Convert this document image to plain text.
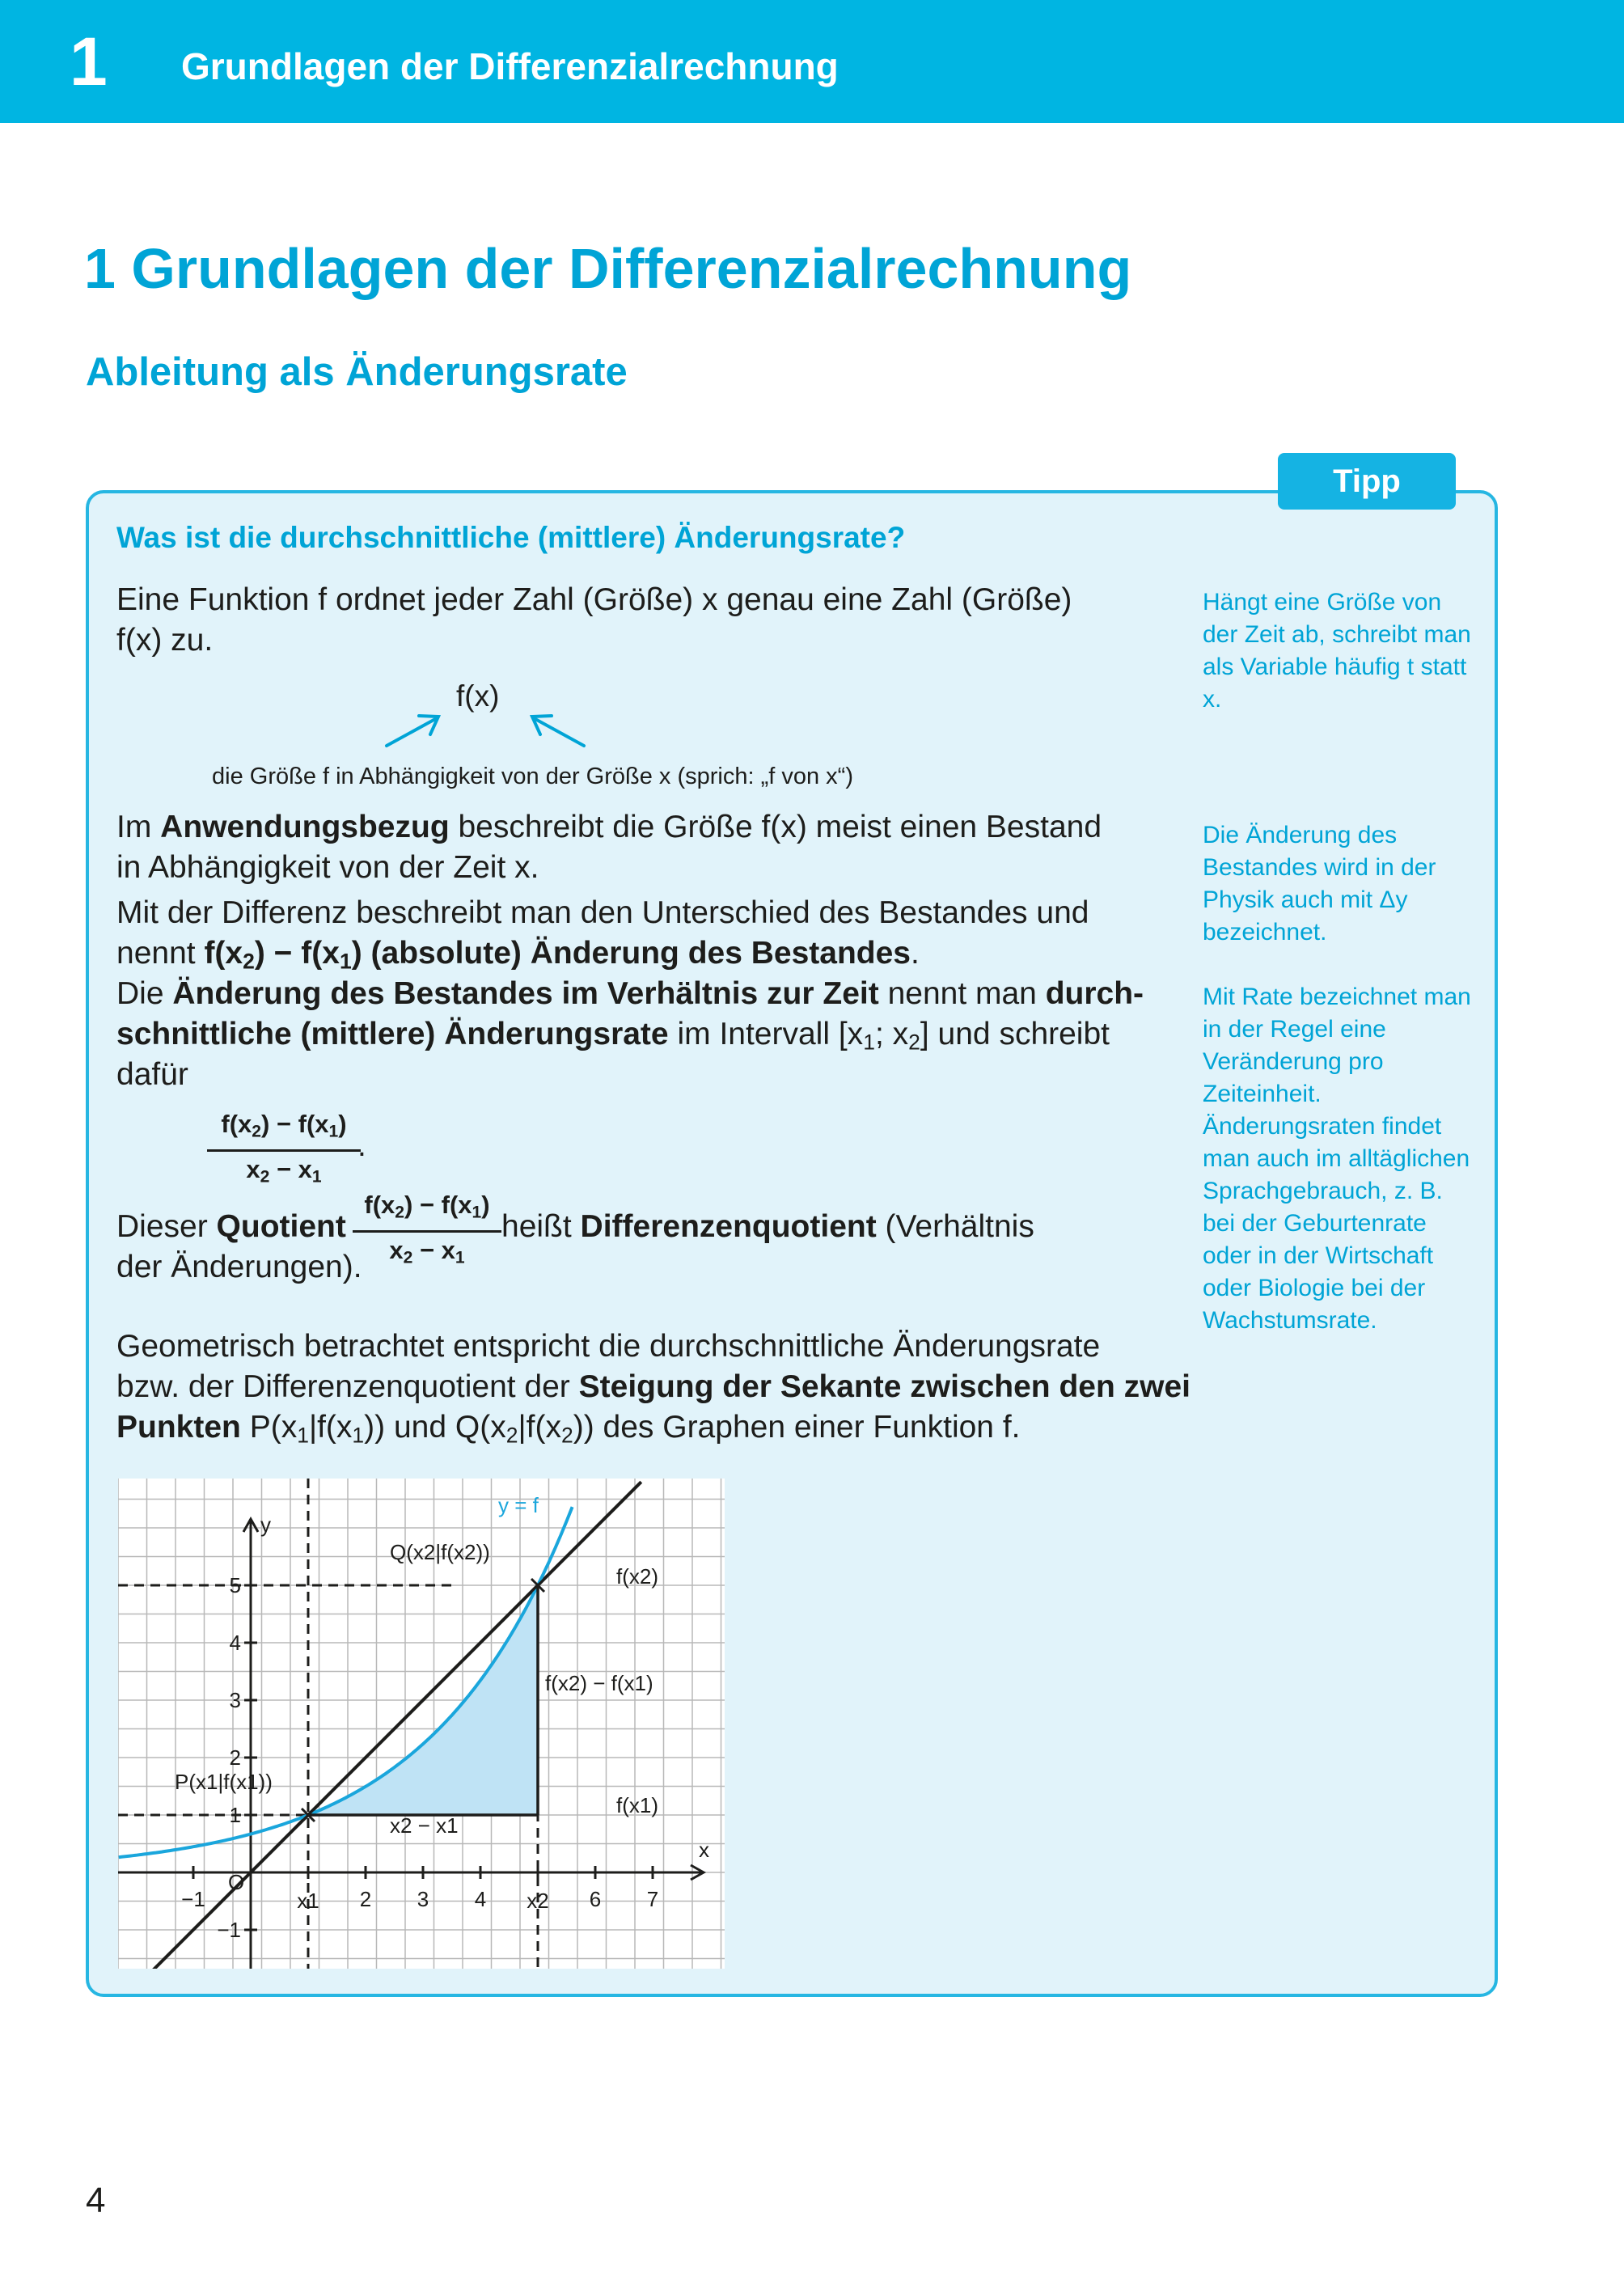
1 Grundlagen der Differenzialrechnung
1 Grundlagen der Differenzialrechnung
Ableitung als Änderungsrate
Tipp
Was ist die durchschnittliche (mittlere) Änderungsrate?
Eine Funktion f ordnet jeder Zahl (Größe) x genau eine Zahl (Größe)
f(x) zu.
f(x)
die Größe f in Abhängigkeit von der Größe x (sprich: „f von x“)
Im Anwendungsbezug beschreibt die Größe f(x) meist einen Bestand
in Abhängigkeit von der Zeit x.
Mit der Differenz beschreibt man den Unterschied des Bestandes und
nennt $f(x_2) - f(x_1)$ (absolute) Änderung des Bestandes.
Die Änderung des Bestandes im Verhältnis zur Zeit nennt man durch-
schnittliche (mittlere) Änderungsrate im Intervall [$x_1$; $x_2$] und schreibt
dafür
$f(x_2) - f(x_1)$
$x_2 - x_1$
.
Dieser Quotient
$f(x_2) - f(x_1)$
$x_2 - x_1$
heißt Differenzenquotient (Verhältnis
der Änderungen).
Geometrisch betrachtet entspricht die durchschnittliche Änderungsrate
bzw. der Differenzenquotient der Steigung der Sekante zwischen den zwei
Punkten $P(x_1|f(x_1))$ und $Q(x_2|f(x_2))$ des Graphen einer Funktion f.

Hängt eine Größe von der Zeit ab, schreibt man als Variable häufig t statt x.

Die Änderung des Bestandes wird in der Physik auch mit Δy bezeichnet.

Mit Rate bezeichnet man in der Regel eine Veränderung pro Zeiteinheit.

Änderungsraten findet man auch im alltäglichen Sprachgebrauch, z. B. bei der Geburtenrate oder in der Wirtschaft oder Biologie bei der Wachstumsrate.

y
x
O
y = f
Q(x2|f(x2))
P(x1|f(x1))
f(x2)
f(x1)
f(x2) − f(x1)
x2 − x1
x1	x2
−1	2 3 4	6 7
5
4
3
2
1
−1
4
